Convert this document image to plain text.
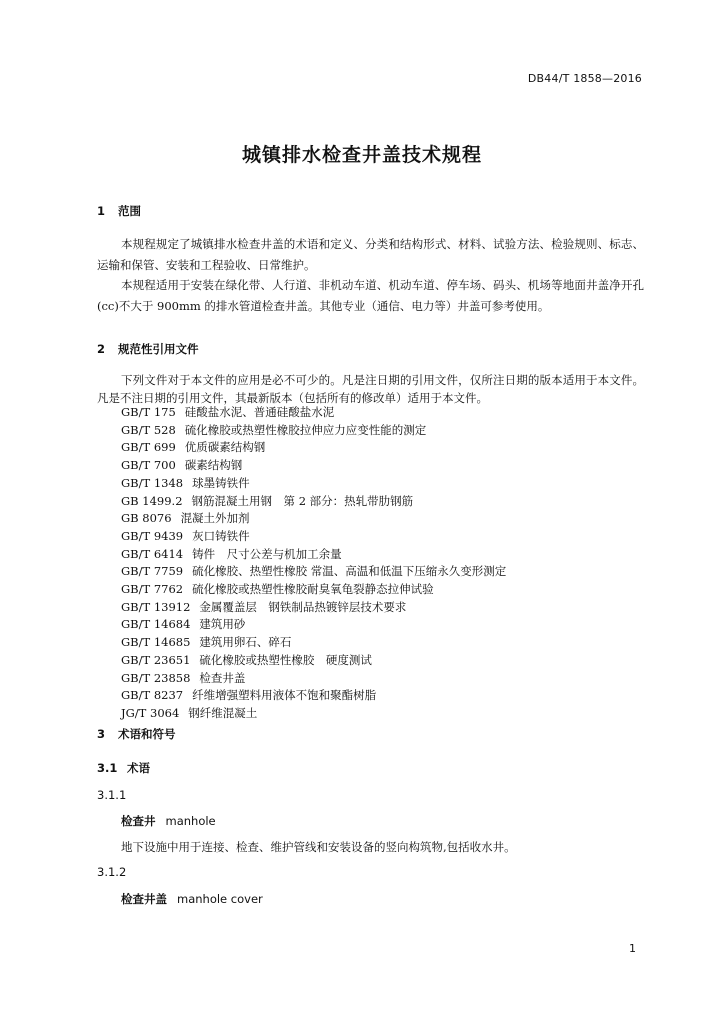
DB44/T 1858—2016
城镇排水检查井盖技术规程
1 范围

本规程规定了城镇排水检查井盖的术语和定义、分类和结构形式、材料、试验方法、检验规则、标志、运输和保管、安装和工程验收、日常维护。

本规程适用于安装在绿化带、人行道、非机动车道、机动车道、停车场、码头、机场等地面井盖净开孔(cc)不大于 900mm 的排水管道检查井盖。其他专业（通信、电力等）井盖可参考使用。

2 规范性引用文件

下列文件对于本文件的应用是必不可少的。凡是注日期的引用文件，仅所注日期的版本适用于本文件。凡是不注日期的引用文件，其最新版本（包括所有的修改单）适用于本文件。

GB/T 175 硅酸盐水泥、普通硅酸盐水泥
GB/T 528 硫化橡胶或热塑性橡胶拉伸应力应变性能的测定
GB/T 699 优质碳素结构钢
GB/T 700 碳素结构钢
GB/T 1348 球墨铸铁件
GB 1499.2 钢筋混凝土用钢　第 2 部分：热轧带肋钢筋
GB 8076 混凝土外加剂
GB/T 9439 灰口铸铁件
GB/T 6414 铸件　尺寸公差与机加工余量
GB/T 7759 硫化橡胶、热塑性橡胶 常温、高温和低温下压缩永久变形测定
GB/T 7762 硫化橡胶或热塑性橡胶耐臭氧龟裂静态拉伸试验
GB/T 13912 金属覆盖层　钢铁制品热镀锌层技术要求
GB/T 14684 建筑用砂
GB/T 14685 建筑用卵石、碎石
GB/T 23651 硫化橡胶或热塑性橡胶　硬度测试
GB/T 23858 检查井盖
GB/T 8237 纤维增强塑料用液体不饱和聚酯树脂
JG/T 3064 钢纤维混凝土
3 术语和符号
3.1 术语
3.1.1
检查井 manhole
地下设施中用于连接、检查、维护管线和安装设备的竖向构筑物,包括收水井。
3.1.2
检查井盖 manhole cover
1
